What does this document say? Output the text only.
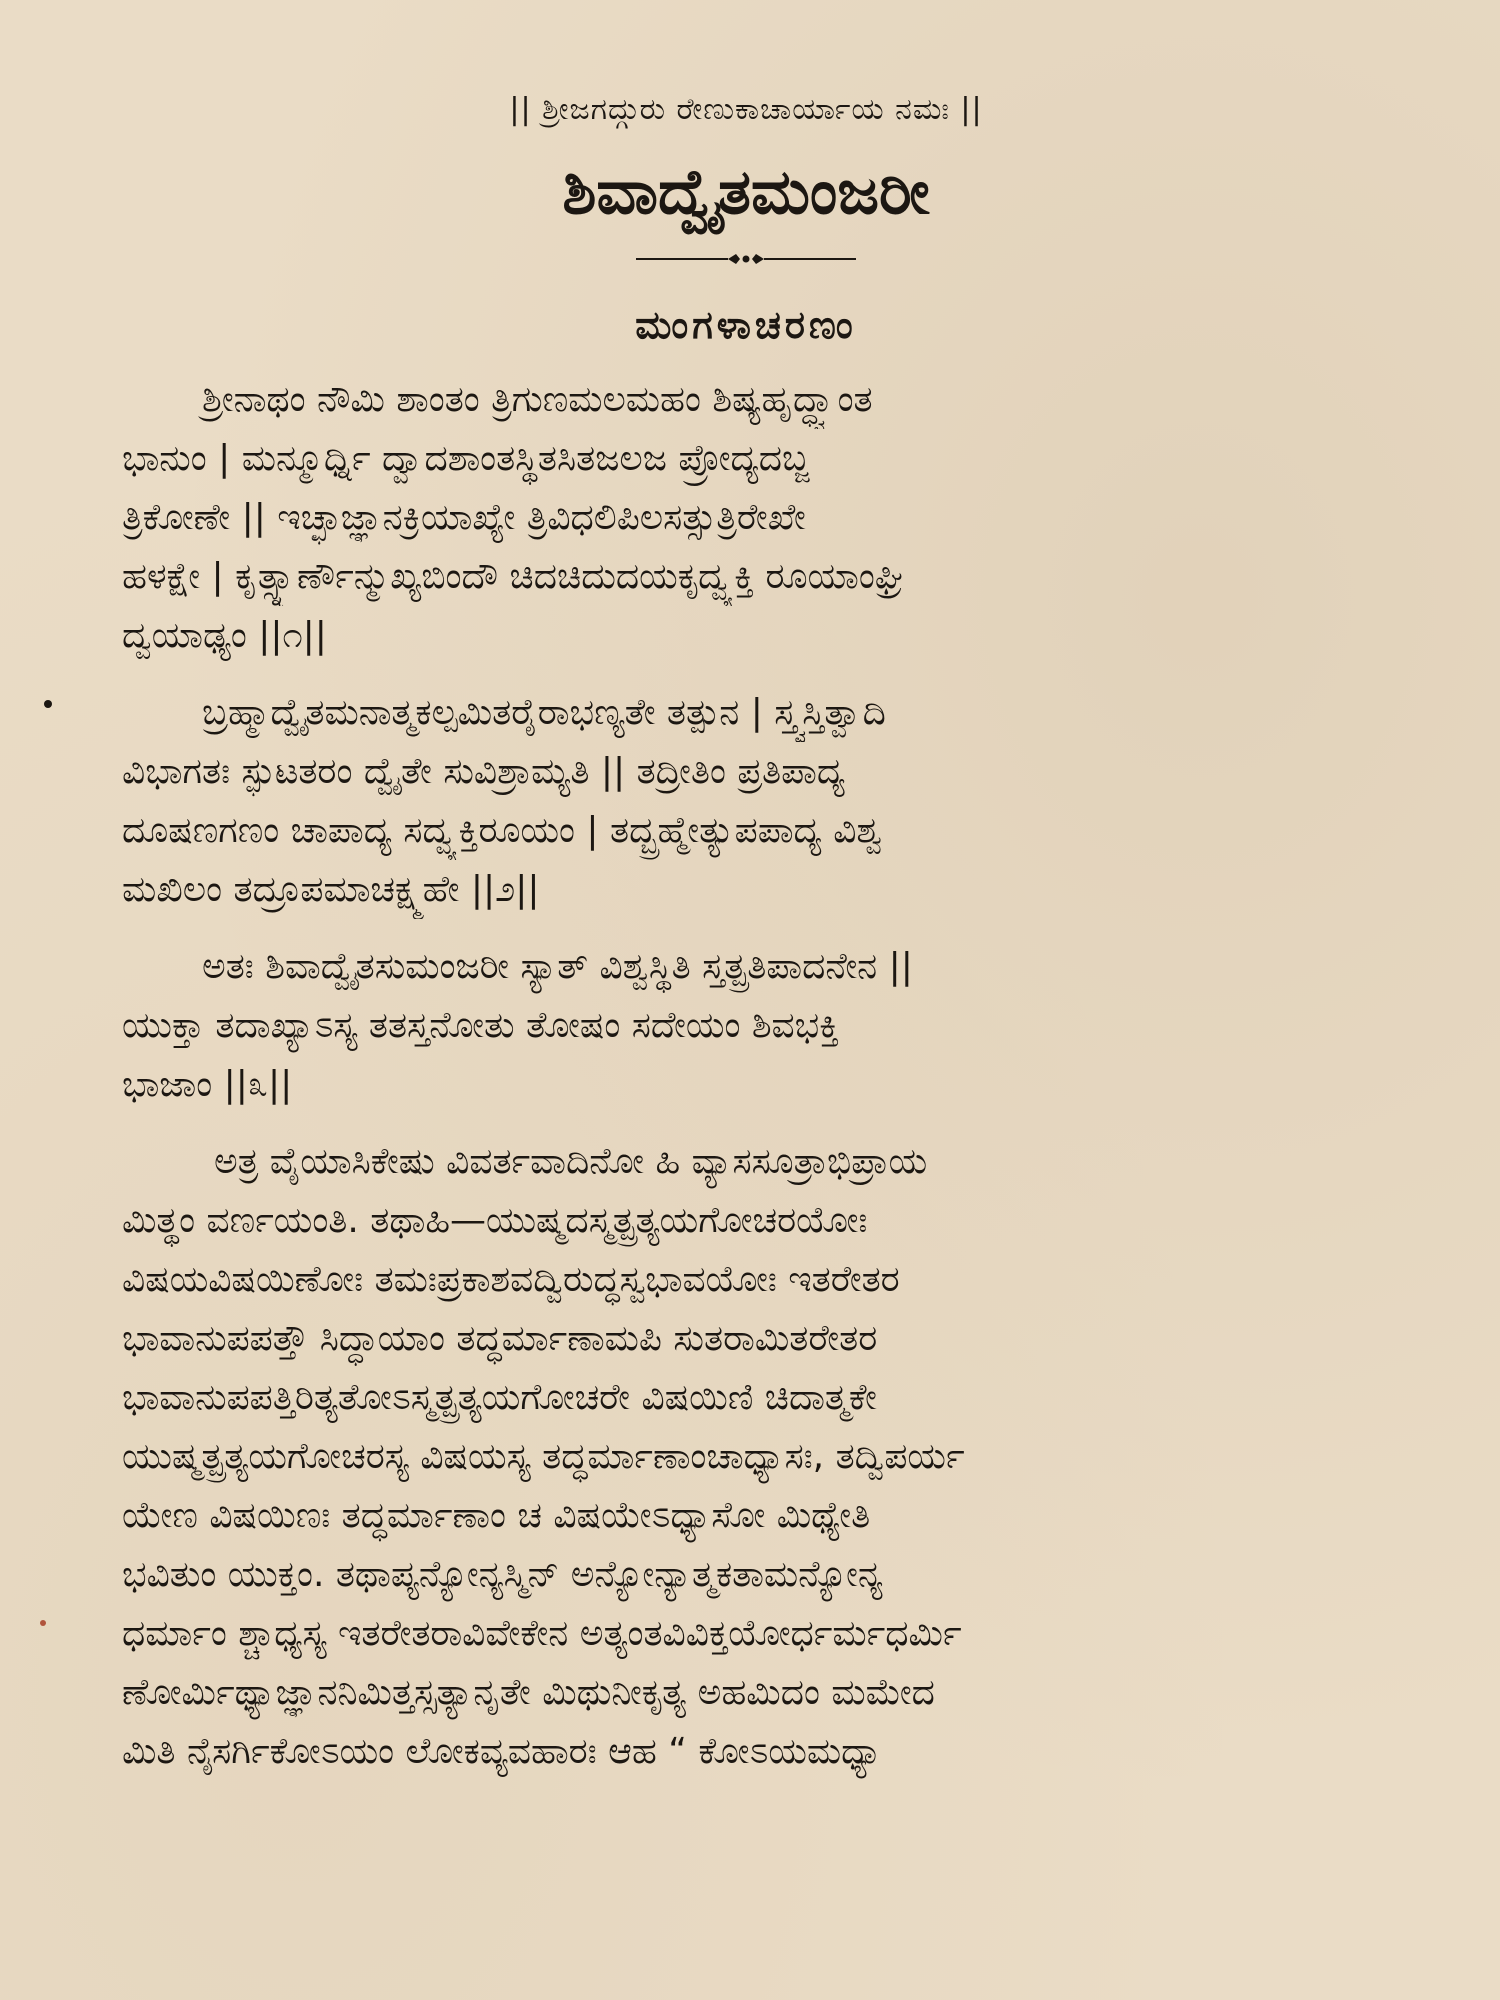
|| ಶ್ರೀಜಗದ್ಗುರು ರೇಣುಕಾಚಾರ್ಯಾಯ ನಮಃ ||
ಶಿವಾದ್ವೈತಮಂಜರೀ
ಮಂಗಳಾಚರಣಂ
ಶ್ರೀನಾಥಂ ನೌಮಿ ಶಾಂತಂ ತ್ರಿಗುಣಮಲಮಹಂ ಶಿಷ್ಯಹೃದ್ಧ್ವಾಂತ
ಭಾನುಂ | ಮನ್ಮೂರ್ಧ್ನಿ ದ್ವಾದಶಾಂತಸ್ಥಿತಸಿತಜಲಜ ಪ್ರೋದ್ಯದಬ್ಜ
ತ್ರಿಕೋಣೇ || ಇಚ್ಛಾಜ್ಞಾನಕ್ರಿಯಾಖ್ಯೇ ತ್ರಿವಿಧಲಿಪಿಲಸತ್ಸುತ್ರಿರೇಖೇ
ಹಳಕ್ಷೇ | ಕೃತ್ಸ್ನಾರ್ಣೌನ್ಮುಖ್ಯಬಿಂದೌ ಚಿದಚಿದುದಯಕೃದ್ವ್ಯಕ್ತಿ ರೂಯಾಂಘ್ರಿ
ದ್ವಯಾಢ್ಯಂ ||೧||
ಬ್ರಹ್ಮಾದ್ವೈತಮನಾತ್ಮಕಲ್ಪಮಿತರೈರಾಭಣ್ಯತೇ ತತ್ಪುನ | ಸ್ತ್ವಸ್ತಿತ್ವಾದಿ
ವಿಭಾಗತಃ ಸ್ಫುಟತರಂ ದ್ವೈತೇ ಸುವಿಶ್ರಾಮ್ಯತಿ || ತದ್ರೀತಿಂ ಪ್ರತಿಪಾದ್ಯ
ದೂಷಣಗಣಂ ಚಾಪಾದ್ಯ ಸದ್ವ್ಯಕ್ತಿರೂಯಂ | ತದ್ಬ್ರಹ್ಮೇತ್ಯುಪಪಾದ್ಯ ವಿಶ್ವ
ಮಖಿಲಂ ತದ್ರೂಪಮಾಚಕ್ಷ್ಮಹೇ ||೨||
ಅತಃ ಶಿವಾದ್ವೈತಸುಮಂಜರೀ ಸ್ಯಾತ್ ವಿಶ್ವಸ್ಥಿತಿ ಸ್ತತ್ಪ್ರತಿಪಾದನೇನ ||
ಯುಕ್ತಾ ತದಾಖ್ಯಾಽಸ್ಯ ತತಸ್ತನೋತು ತೋಷಂ ಸದೇಯಂ ಶಿವಭಕ್ತಿ
ಭಾಜಾಂ ||೩||
ಅತ್ರ ವೈಯಾಸಿಕೇಷು ವಿವರ್ತವಾದಿನೋ ಹಿ ವ್ಯಾಸಸೂತ್ರಾಭಿಪ್ರಾಯ
ಮಿತ್ಥಂ ವರ್ಣಯಂತಿ. ತಥಾಹಿ—ಯುಷ್ಮದಸ್ಮತ್ಪ್ರತ್ಯಯಗೋಚರಯೋಃ
ವಿಷಯವಿಷಯಿಣೋಃ ತಮಃಪ್ರಕಾಶವದ್ವಿರುದ್ಧಸ್ವಭಾವಯೋಃ ಇತರೇತರ
ಭಾವಾನುಪಪತ್ತೌ ಸಿದ್ಧಾಯಾಂ ತದ್ಧರ್ಮಾಣಾಮಪಿ ಸುತರಾಮಿತರೇತರ
ಭಾವಾನುಪಪತ್ತಿರಿತ್ಯತೋಽಸ್ಮತ್ಪ್ರತ್ಯಯಗೋಚರೇ ವಿಷಯಿಣಿ ಚಿದಾತ್ಮಕೇ
ಯುಷ್ಮತ್ಪ್ರತ್ಯಯಗೋಚರಸ್ಯ ವಿಷಯಸ್ಯ ತದ್ಧರ್ಮಾಣಾಂಚಾಧ್ಯಾಸಃ, ತದ್ವಿಪರ್ಯ
ಯೇಣ ವಿಷಯಿಣಃ ತದ್ಧರ್ಮಾಣಾಂ ಚ ವಿಷಯೇಽಧ್ಯಾಸೋ ಮಿಥ್ಯೇತಿ
ಭವಿತುಂ ಯುಕ್ತಂ. ತಥಾಪ್ಯನ್ಯೋನ್ಯಸ್ಮಿನ್ ಅನ್ಯೋನ್ಯಾತ್ಮಕತಾಮನ್ಯೋನ್ಯ
ಧರ್ಮಾಂ ಶ್ಚಾಧ್ಯಸ್ಯ ಇತರೇತರಾವಿವೇಕೇನ ಅತ್ಯಂತವಿವಿಕ್ತಯೋರ್ಧರ್ಮಧರ್ಮಿ
ಣೋರ್ಮಿಥ್ಯಾಜ್ಞಾನನಿಮಿತ್ತಸ್ಸತ್ಯಾನೃತೇ ಮಿಥುನೀಕೃತ್ಯ ಅಹಮಿದಂ ಮಮೇದ
ಮಿತಿ ನೈಸರ್ಗಿಕೋಽಯಂ ಲೋಕವ್ಯವಹಾರಃ ಆಹ “ ಕೋಽಯಮಧ್ಯಾ
